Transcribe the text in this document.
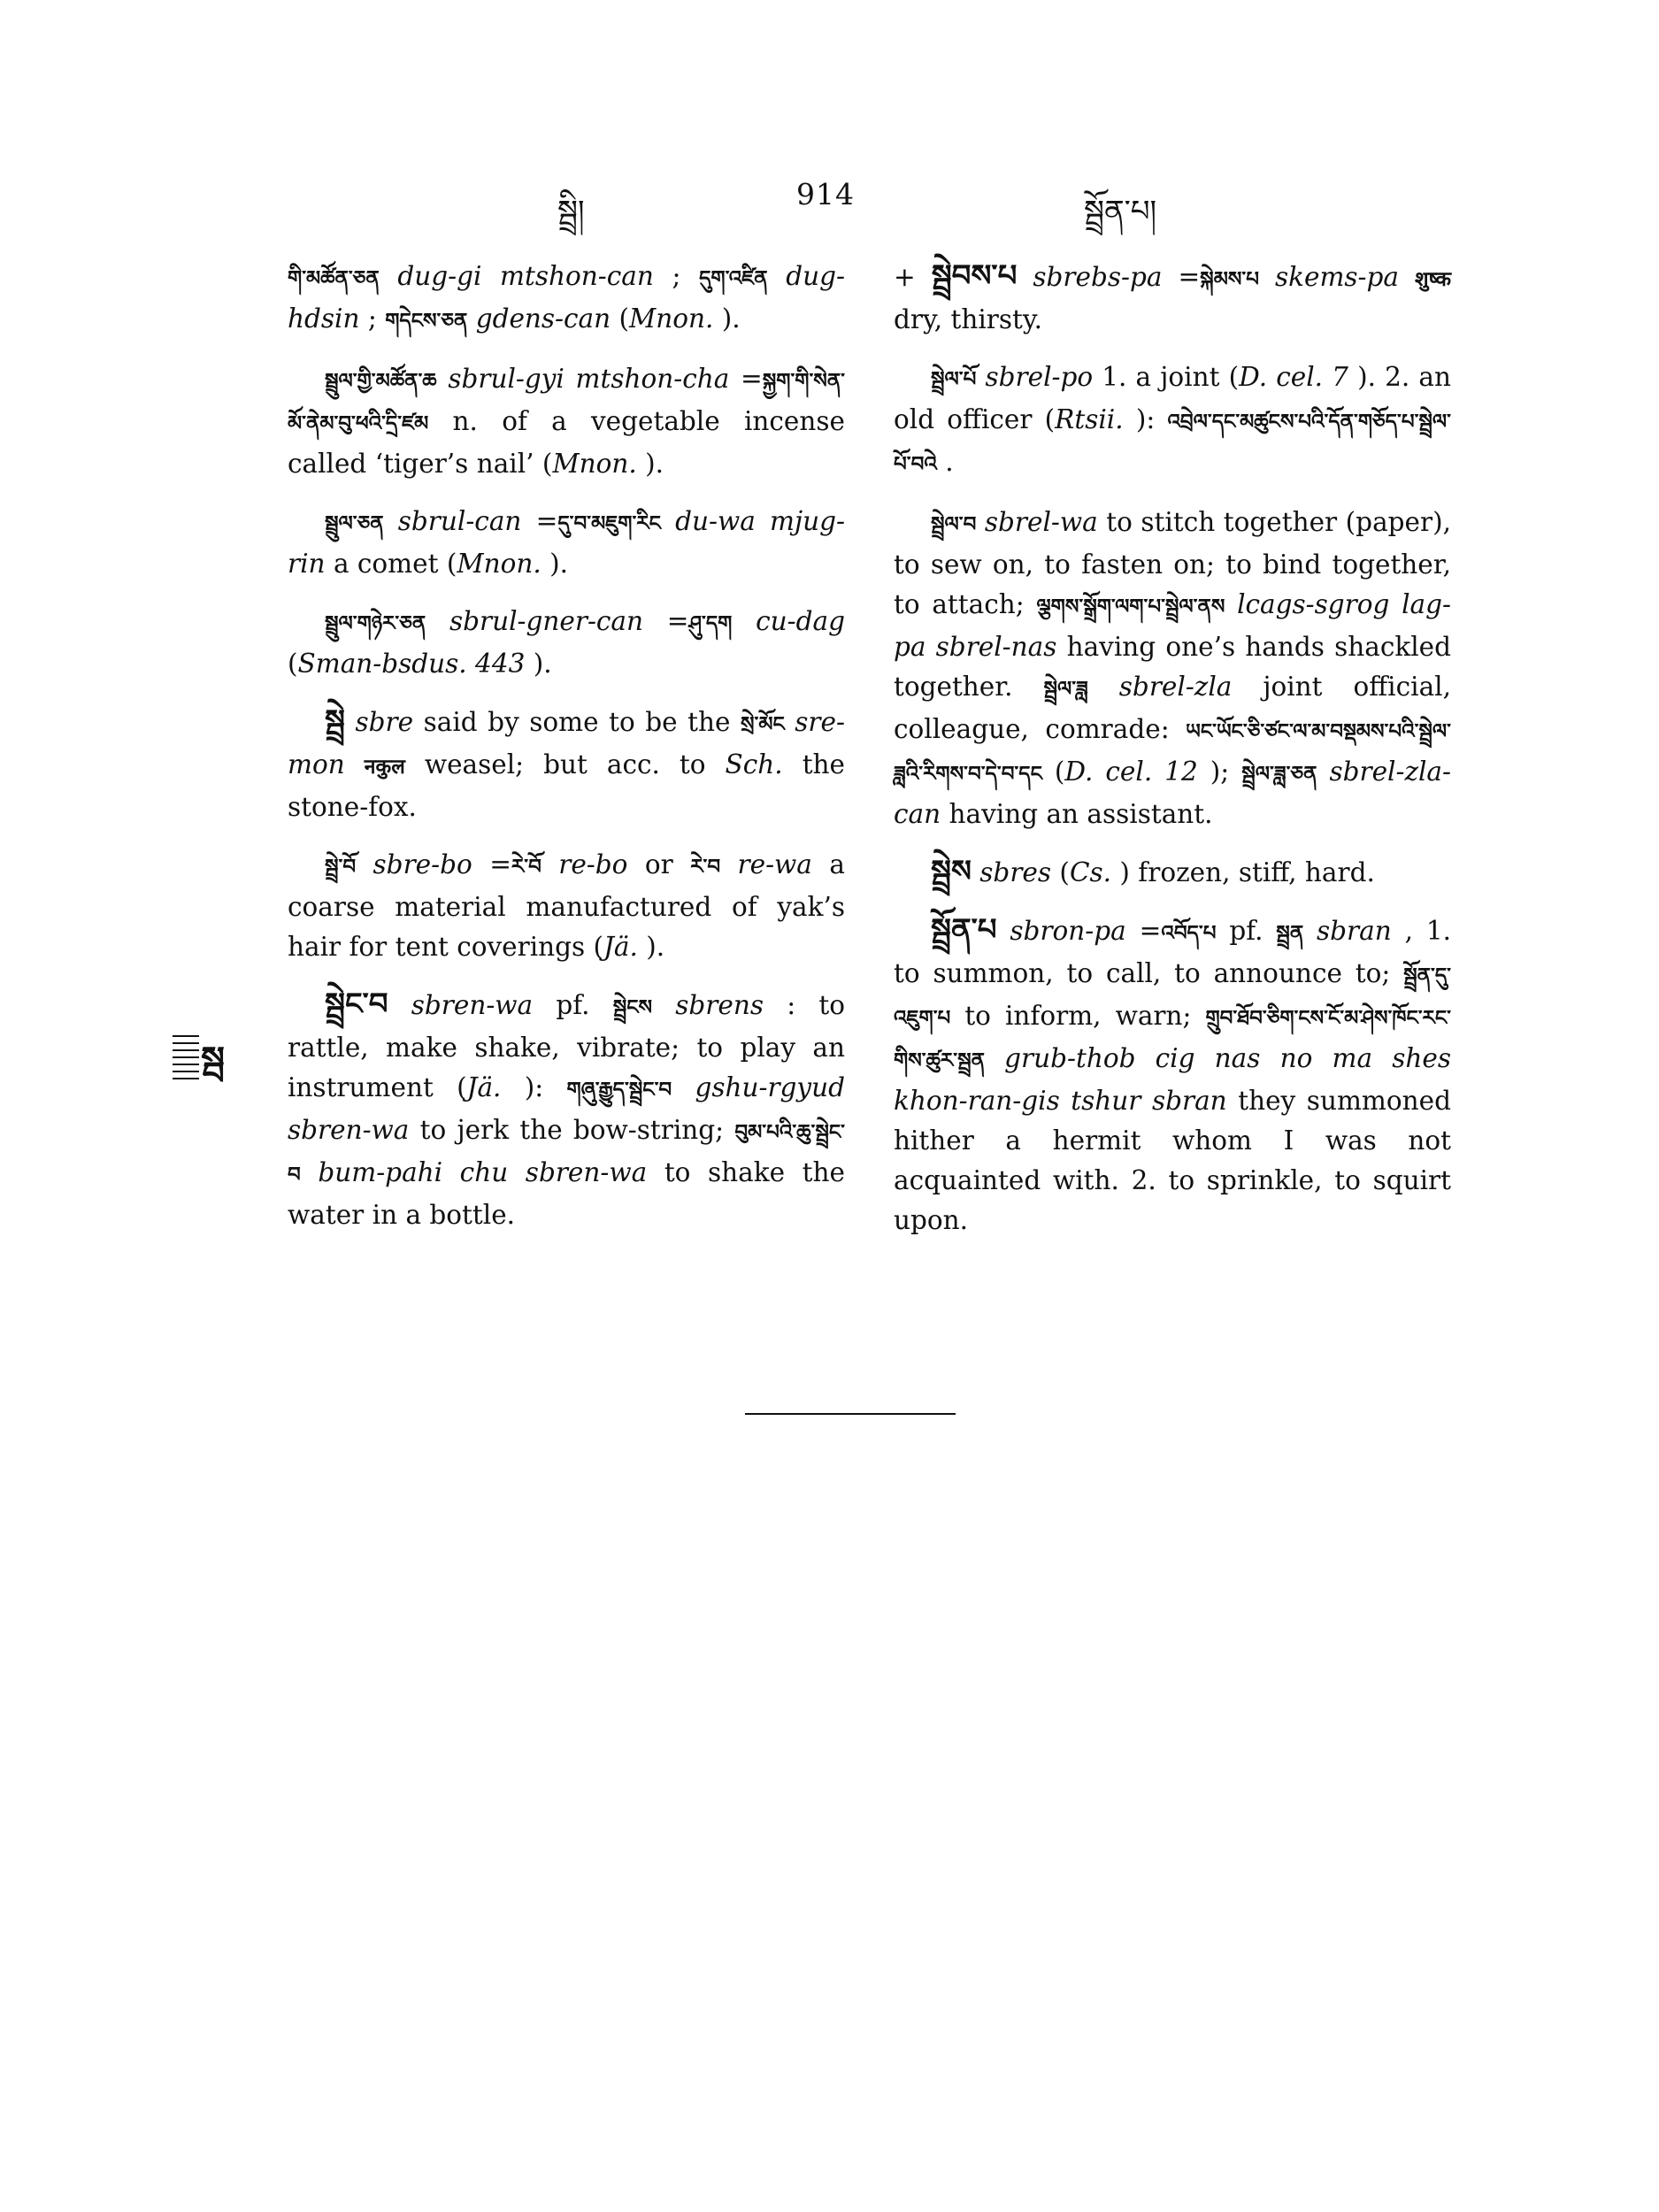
སྦྲི།	914	སྦྲོན་པ།

གི་མཚོན་ཅན dug-gi mtshon-can ; དུག་འཛིན dug-hdsin ; གདེངས་ཅན gdens-can (Mnon. ).

སྦྲུལ་གྱི་མཚོན་ཆ sbrul-gyi mtshon-cha =སྐྱག་གི་སེན་མོ་ནེམ་བུ་ཕའི་དྲི་ཛམ n. of a vegetable incense called ‘tiger’s nail’ (Mnon. ).

སྦྲུལ་ཅན sbrul-can =དུ་བ་མཇུག་རིང du-wa mjug-rin a comet (Mnon. ).

སྦྲུལ་གཉེར་ཅན sbrul-gner-can =ཤུ་དག cu-dag (Sman-bsdus. 443 ).

སྦྲེ sbre said by some to be the སྲེ་མོང sre-mon नकुल weasel; but acc. to Sch. the stone-fox.

སྦྲེ་བོ sbre-bo =རེ་བོ re-bo or རེ་བ re-wa a coarse material manufactured of yak’s hair for tent coverings (Jä. ).

སྦྲེང་བ sbren-wa pf. སྦྲེངས sbrens : to rattle, make shake, vibrate; to play an instrument (Jä. ): གཞུ་རྒྱུད་སྦྲེང་བ gshu-rgyud sbren-wa to jerk the bow-string; བུམ་པའི་ཆུ་སྦྲེང་བ bum-pahi chu sbren-wa to shake the water in a bottle.

+ སྦྲེབས་པ sbrebs-pa =སྐེམས་པ skems-pa शुष्क dry, thirsty.

སྦྲེལ་པོ sbrel-po 1. a joint (D. cel. 7 ). 2. an old officer (Rtsii. ): འབྲེལ་དང་མཚུངས་པའི་དོན་གཅོད་པ་སྦྲེལ་པོ་བའེ .

སྦྲེལ་བ sbrel-wa to stitch together (paper), to sew on, to fasten on; to bind together, to attach; ལྕགས་སྒྲོག་ལག་པ་སྦྲེལ་ནས lcags-sgrog lag-pa sbrel-nas having one’s hands shackled together. སྦྲེལ་ཟླ sbrel-zla joint official, colleague, comrade: ཡང་ཡོང་ཅི་ཙང་ལ་མ་བསྡམས་པའི་སྦྲེལ་ཟླའི་རིགས་བ་དེ་བ་དང (D. cel. 12 ); སྦྲེལ་ཟླ་ཅན sbrel-zla-can having an assistant.

སྦྲེས sbres (Cs. ) frozen, stiff, hard.

སྦྲོན་པ sbron-pa =འབོད་པ pf. སྦྲན sbran , 1. to summon, to call, to announce to; སྦྲོན་དུ་འཇུག་པ to inform, warn; གྲུབ་ཐོབ་ཅིག་ངས་ངོ་མ་ཤེས་ཁོང་རང་གིས་ཚུར་སྦྲན grub-thob cig nas no ma shes khon-ran-gis tshur sbran they summoned hither a hermit whom I was not acquainted with. 2. to sprinkle, to squirt upon.

སྦ
